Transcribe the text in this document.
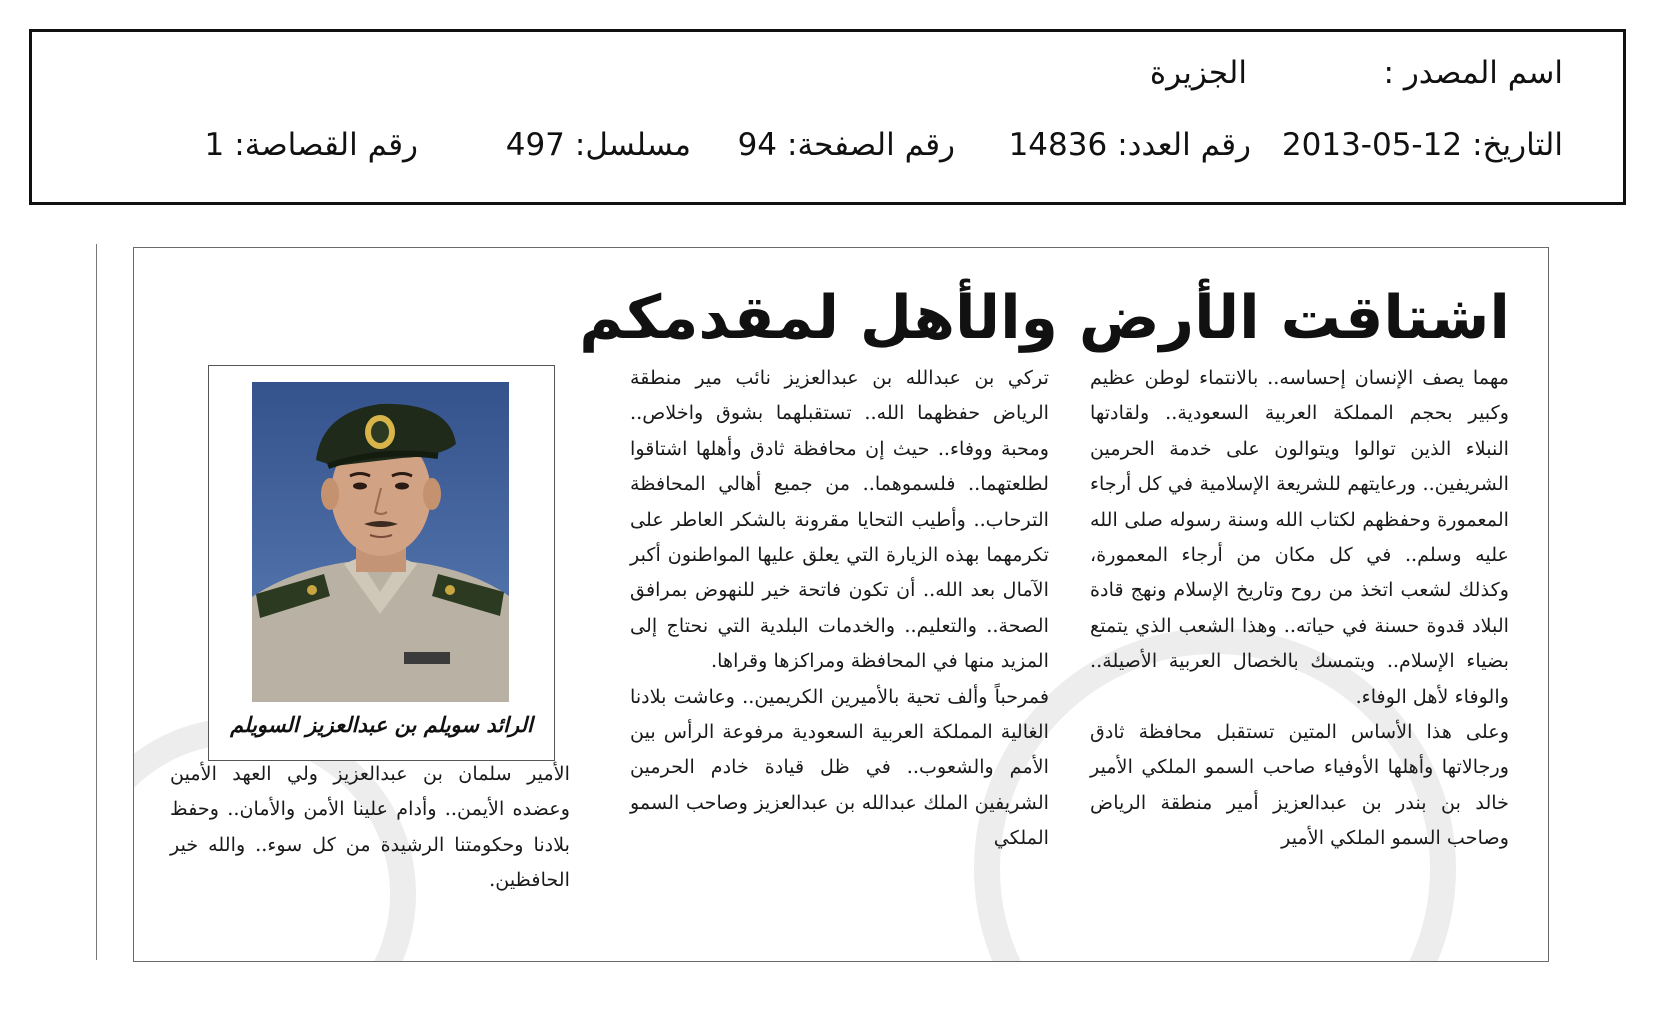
اسم المصدر :
الجزيرة
التاريخ:2013-05-12
رقم العدد:14836
رقم الصفحة:94
مسلسل:497
رقم القصاصة:1
اشتاقت الأرض والأهل لمقدمكم

مهما يصف الإنسان إحساسه.. بالانتماء لوطن عظيم وكبير بحجم المملكة العربية السعودية.. ولقادتها النبلاء الذين توالوا ويتوالون على خدمة الحرمين الشريفين.. ورعايتهم للشريعة الإسلامية في كل أرجاء المعمورة وحفظهم لكتاب الله وسنة رسوله صلى الله عليه وسلم.. في كل مكان من أرجاء المعمورة، وكذلك لشعب اتخذ من روح وتاريخ الإسلام ونهج قادة البلاد قدوة حسنة في حياته.. وهذا الشعب الذي يتمتع بضياء الإسلام.. ويتمسك بالخصال العربية الأصيلة.. والوفاء لأهل الوفاء.

وعلى هذا الأساس المتين تستقبل محافظة ثادق ورجالاتها وأهلها الأوفياء صاحب السمو الملكي الأمير خالد بن بندر بن عبدالعزيز أمير منطقة الرياض وصاحب السمو الملكي الأمير

تركي بن عبدالله بن عبدالعزيز نائب مير منطقة الرياض حفظهما الله.. تستقبلهما بشوق واخلاص.. ومحبة ووفاء.. حيث إن محافظة ثادق وأهلها اشتاقوا لطلعتهما.. فلسموهما.. من جميع أهالي المحافظة الترحاب.. وأطيب التحايا مقرونة بالشكر العاطر على تكرمهما بهذه الزيارة التي يعلق عليها المواطنون أكبر الآمال بعد الله.. أن تكون فاتحة خير للنهوض بمرافق الصحة.. والتعليم.. والخدمات البلدية التي نحتاج إلى المزيد منها في المحافظة ومراكزها وقراها.

فمرحباً وألف تحية بالأميرين الكريمين.. وعاشت بلادنا الغالية المملكة العربية السعودية مرفوعة الرأس بين الأمم والشعوب.. في ظل قيادة خادم الحرمين الشريفين الملك عبدالله بن عبدالعزيز وصاحب السمو الملكي

الرائد سويلم بن عبدالعزيز السويلم

الأمير سلمان بن عبدالعزيز ولي العهد الأمين وعضده الأيمن.. وأدام علينا الأمن والأمان.. وحفظ بلادنا وحكومتنا الرشيدة من كل سوء.. والله خير الحافظين.
